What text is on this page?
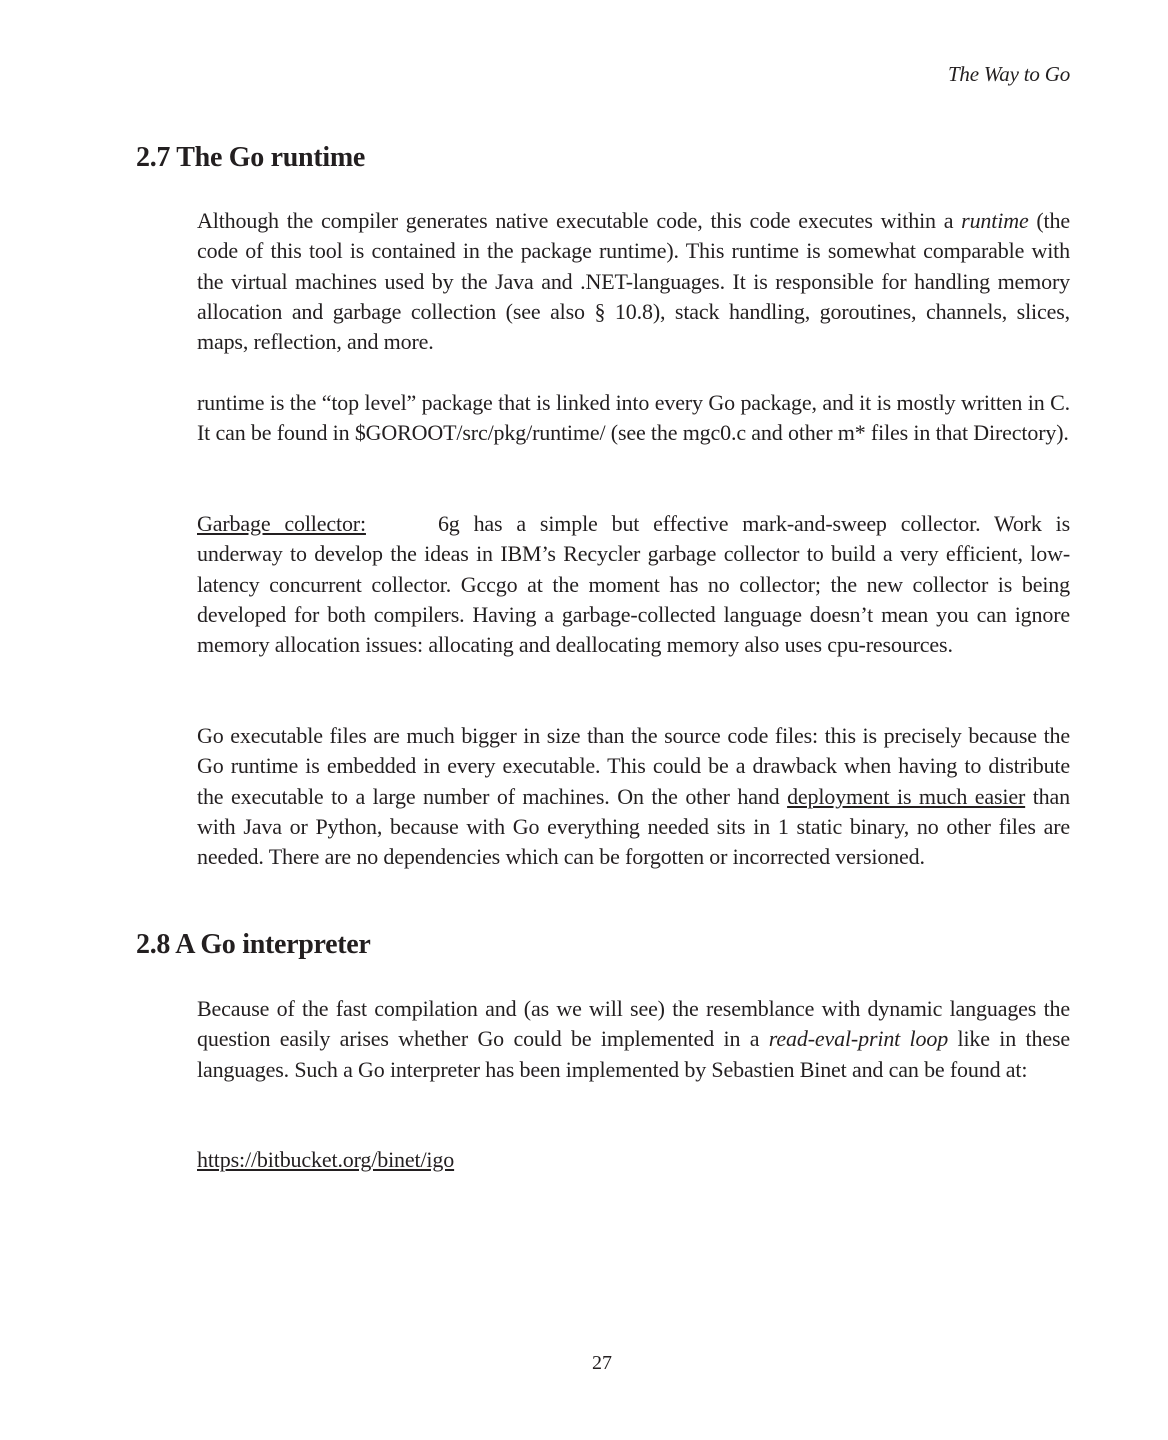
The Way to Go
2.7 The Go runtime

Although the compiler generates native executable code, this code executes within a runtime (the code of this tool is contained in the package runtime). This runtime is somewhat comparable with the virtual machines used by the Java and .NET-languages. It is responsible for handling memory allocation and garbage collection (see also § 10.8), stack handling, goroutines, channels, slices, maps, reflection, and more.

runtime is the “top level” package that is linked into every Go package, and it is mostly written in C. It can be found in $GOROOT/src/pkg/runtime/ (see the mgc0.c and other m* files in that Directory).

Garbage collector:	6g has a simple but effective mark-and-sweep collector. Work is underway to develop the ideas in IBM’s Recycler garbage collector to build a very efficient, low-latency concurrent collector. Gccgo at the moment has no collector; the new collector is being developed for both compilers. Having a garbage-collected language doesn’t mean you can ignore memory allocation issues: allocating and deallocating memory also uses cpu-resources.

Go executable files are much bigger in size than the source code files: this is precisely because the Go runtime is embedded in every executable. This could be a drawback when having to distribute the executable to a large number of machines. On the other hand deployment is much easier than with Java or Python, because with Go everything needed sits in 1 static binary, no other files are needed. There are no dependencies which can be forgotten or incorrected versioned.

2.8 A Go interpreter

Because of the fast compilation and (as we will see) the resemblance with dynamic languages the question easily arises whether Go could be implemented in a read-eval-print loop like in these languages. Such a Go interpreter has been implemented by Sebastien Binet and can be found at:

https://bitbucket.org/binet/igo

27
